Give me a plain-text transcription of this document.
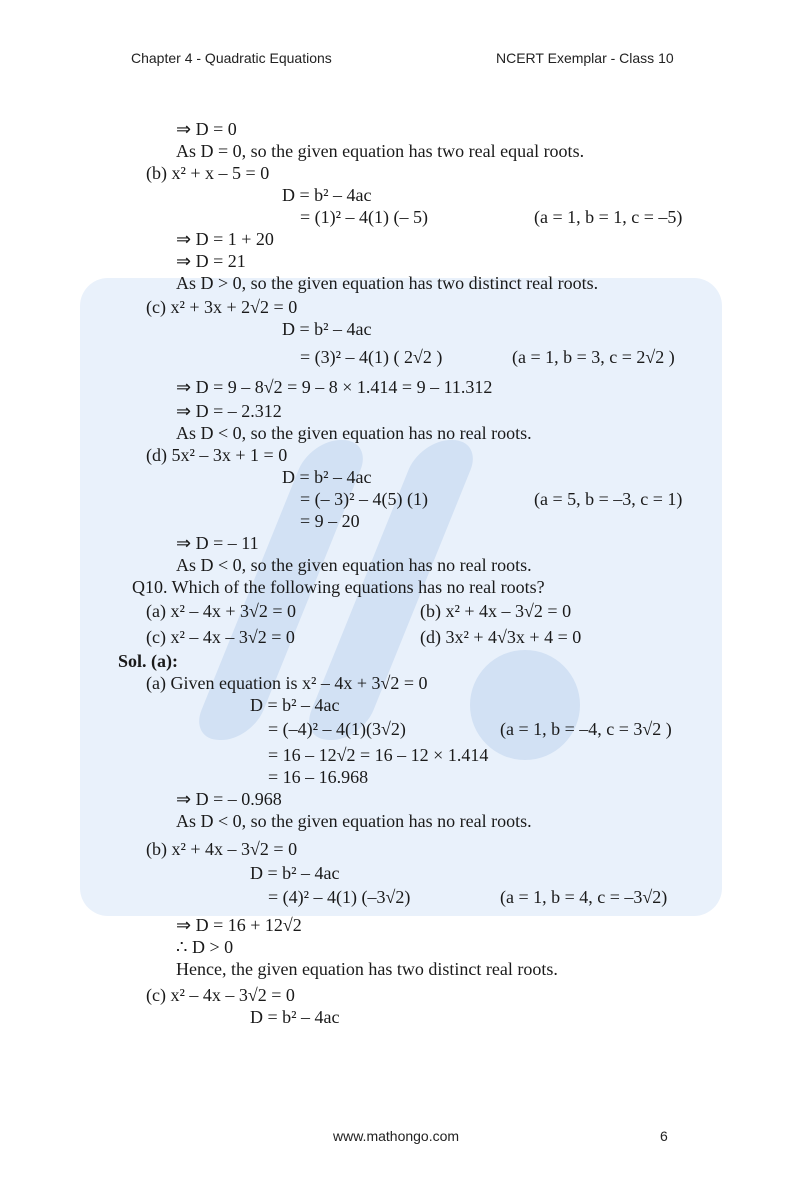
Chapter 4 - Quadratic Equations	NCERT Exemplar - Class 10
⇒ D = 0
As D = 0, so the given equation has two real equal roots.
(b) x² + x – 5 = 0
D = b² – 4ac
= (1)² – 4(1) (– 5)	(a = 1, b = 1, c = –5)
⇒ D = 1 + 20
⇒ D = 21
As D > 0, so the given equation has two distinct real roots.
(c) x² + 3x + 2√2 = 0
D = b² – 4ac
= (3)² – 4(1) ( 2√2 )	(a = 1, b = 3, c = 2√2 )
⇒ D = 9 – 8√2 = 9 – 8 × 1.414 = 9 – 11.312
⇒ D = – 2.312
As D < 0, so the given equation has no real roots.
(d) 5x² – 3x + 1 = 0
D = b² – 4ac
= (– 3)² – 4(5) (1)	(a = 5, b = –3, c = 1)
= 9 – 20
⇒ D = – 11
As D < 0, so the given equation has no real roots.
Q10. Which of the following equations has no real roots?
(a) x² – 4x + 3√2 = 0	(b) x² + 4x – 3√2 = 0
(c) x² – 4x – 3√2 = 0	(d) 3x² + 4√3x + 4 = 0
Sol. (a):
(a) Given equation is x² – 4x + 3√2 = 0
D = b² – 4ac
= (–4)² – 4(1)(3√2)	(a = 1, b = –4, c = 3√2 )
= 16 – 12√2 = 16 – 12 × 1.414
= 16 – 16.968
⇒ D = – 0.968
As D < 0, so the given equation has no real roots.
(b) x² + 4x – 3√2 = 0
D = b² – 4ac
= (4)² – 4(1) (–3√2)	(a = 1, b = 4, c = –3√2)
⇒ D = 16 + 12√2
∴ D > 0
Hence, the given equation has two distinct real roots.
(c) x² – 4x – 3√2 = 0
D = b² – 4ac
www.mathongo.com	6
